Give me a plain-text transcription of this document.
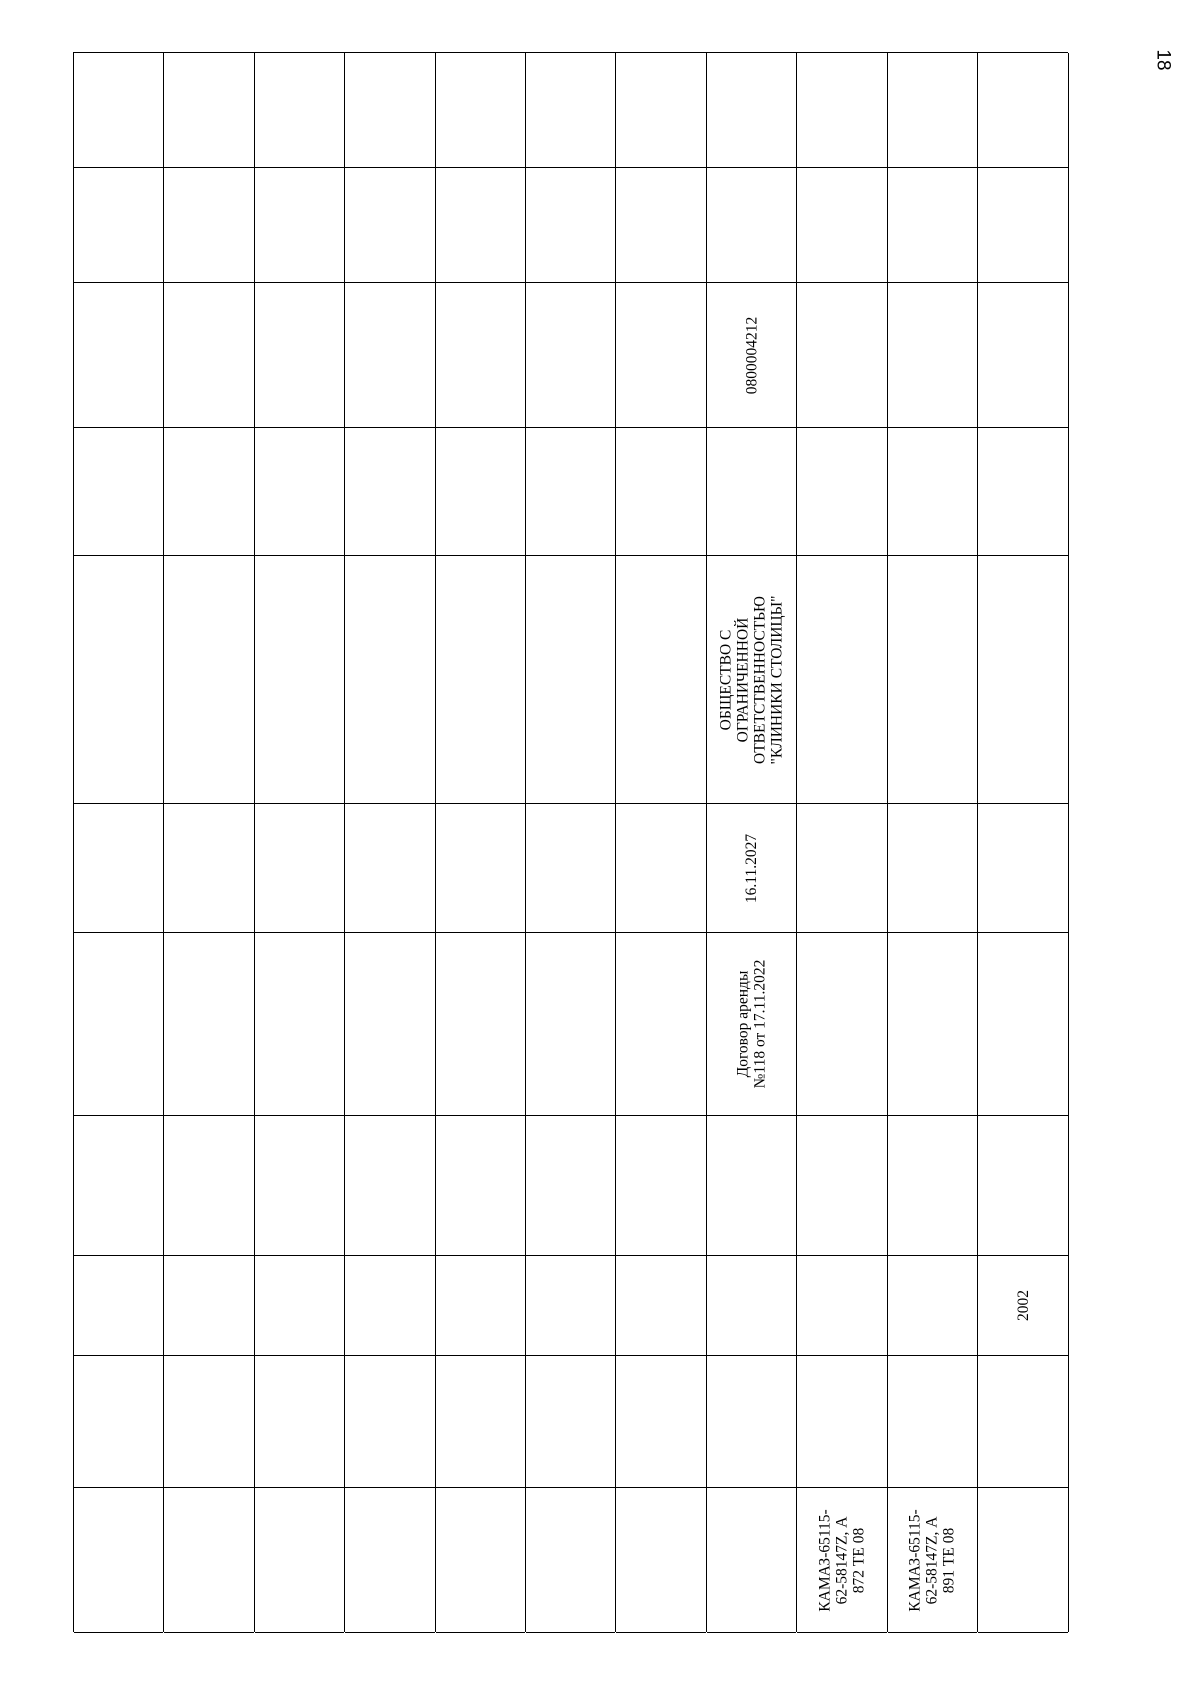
18
0800004212
ОБЩЕСТВО С
ОГРАНИЧЕННОЙ
ОТВЕТСТВЕННОСТЬЮ
"КЛИНИКИ СТОЛИЦЫ"
16.11.2027
Договор аренды
№118 от 17.11.2022
КАМАЗ-65115-
62-58147Z, А
872 ТЕ 08	КАМАЗ-65115-
62-58147Z, А
891 ТЕ 08
2002
